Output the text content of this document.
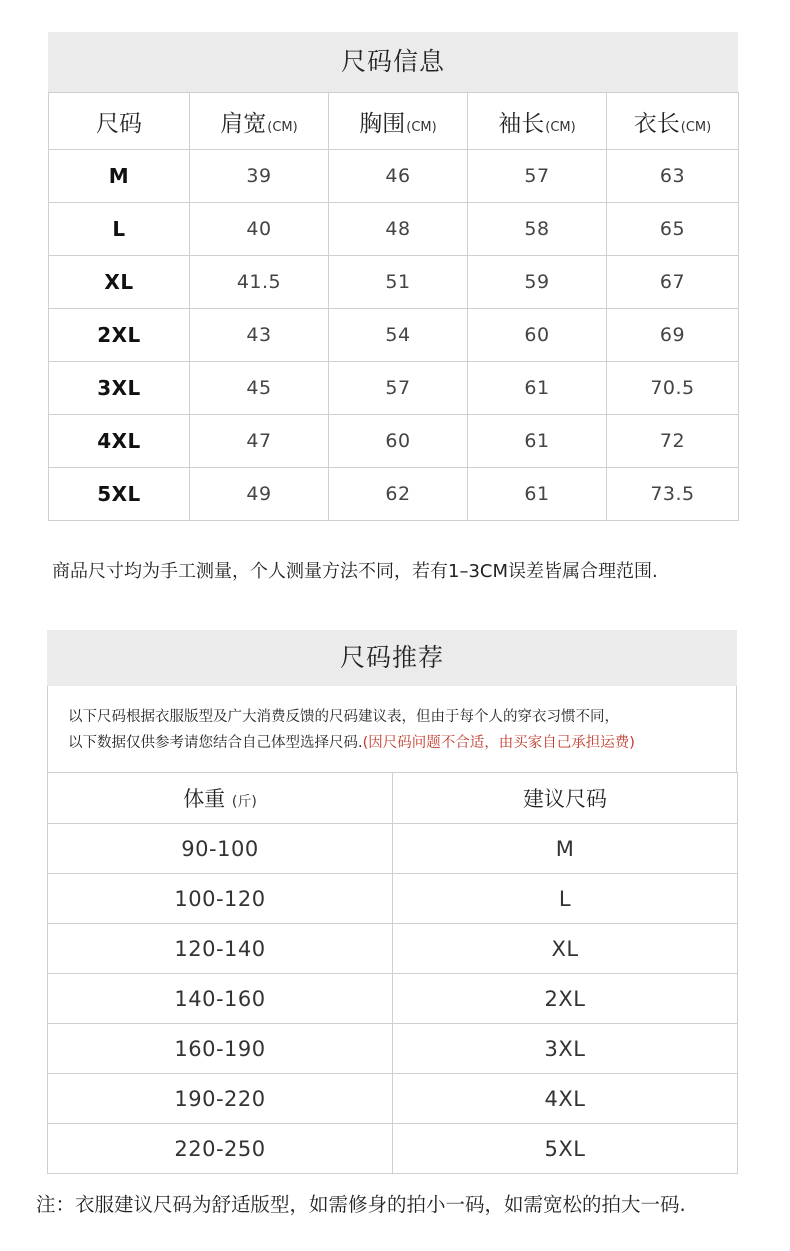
尺码信息
尺码	肩宽(CM)	胸围(CM)	袖长(CM)	衣长(CM)
M	39	46	57	63
L	40	48	58	65
XL	41.5	51	59	67
2XL	43	54	60	69
3XL	45	57	61	70.5
4XL	47	60	61	72
5XL	49	62	61	73.5
商品尺寸均为手工测量，个人测量方法不同，若有1–3CM误差皆属合理范围.
尺码推荐
以下尺码根据衣服版型及广大消费反馈的尺码建议表，但由于每个人的穿衣习惯不同，
以下数据仅供参考请您结合自己体型选择尺码.(因尺码问题不合适，由买家自己承担运费)
体重 (斤)	建议尺码
90-100	M
100-120	L
120-140	XL
140-160	2XL
160-190	3XL
190-220	4XL
220-250	5XL
注：衣服建议尺码为舒适版型，如需修身的拍小一码，如需宽松的拍大一码.
